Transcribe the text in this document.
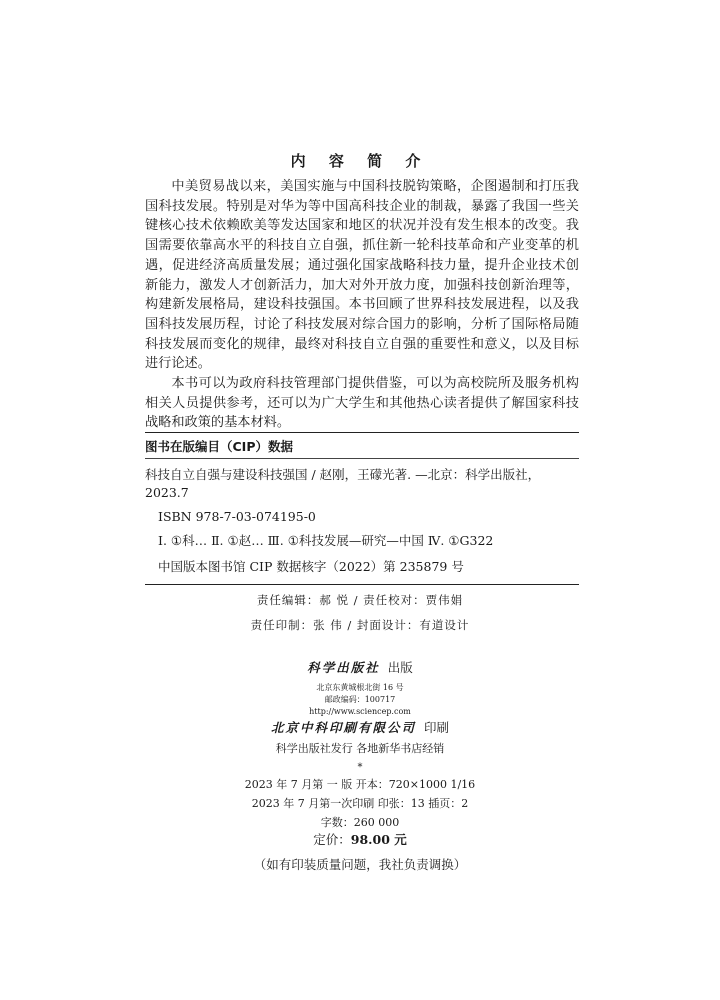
内 容 简 介

中美贸易战以来，美国实施与中国科技脱钩策略，企图遏制和打压我国科技发展。特别是对华为等中国高科技企业的制裁，暴露了我国一些关键核心技术依赖欧美等发达国家和地区的状况并没有发生根本的改变。我国需要依靠高水平的科技自立自强，抓住新一轮科技革命和产业变革的机遇，促进经济高质量发展；通过强化国家战略科技力量，提升企业技术创新能力，激发人才创新活力，加大对外开放力度，加强科技创新治理等，构建新发展格局，建设科技强国。本书回顾了世界科技发展进程，以及我国科技发展历程，讨论了科技发展对综合国力的影响，分析了国际格局随科技发展而变化的规律，最终对科技自立自强的重要性和意义，以及目标进行论述。

本书可以为政府科技管理部门提供借鉴，可以为高校院所及服务机构相关人员提供参考，还可以为广大学生和其他热心读者提供了解国家科技战略和政策的基本材料。

图书在版编目（CIP）数据
科技自立自强与建设科技强国 / 赵刚，王礞光著. —北京：科学出版社，2023.7
ISBN 978-7-03-074195-0
Ⅰ. ①科… Ⅱ. ①赵… Ⅲ. ①科技发展—研究—中国 Ⅳ. ①G322
中国版本图书馆 CIP 数据核字（2022）第 235879 号
责任编辑：郝 悦 / 责任校对：贾伟娟
责任印制：张 伟 / 封面设计：有道设计
科学出版社 出版
北京东黄城根北街 16 号
邮政编码：100717
http://www.sciencep.com
北京中科印刷有限公司 印刷
科学出版社发行 各地新华书店经销
*
2023 年 7 月第 一 版 开本：720×1000 1/16
2023 年 7 月第一次印刷 印张：13 插页：2
字数：260 000
定价：98.00 元
（如有印装质量问题，我社负责调换）
